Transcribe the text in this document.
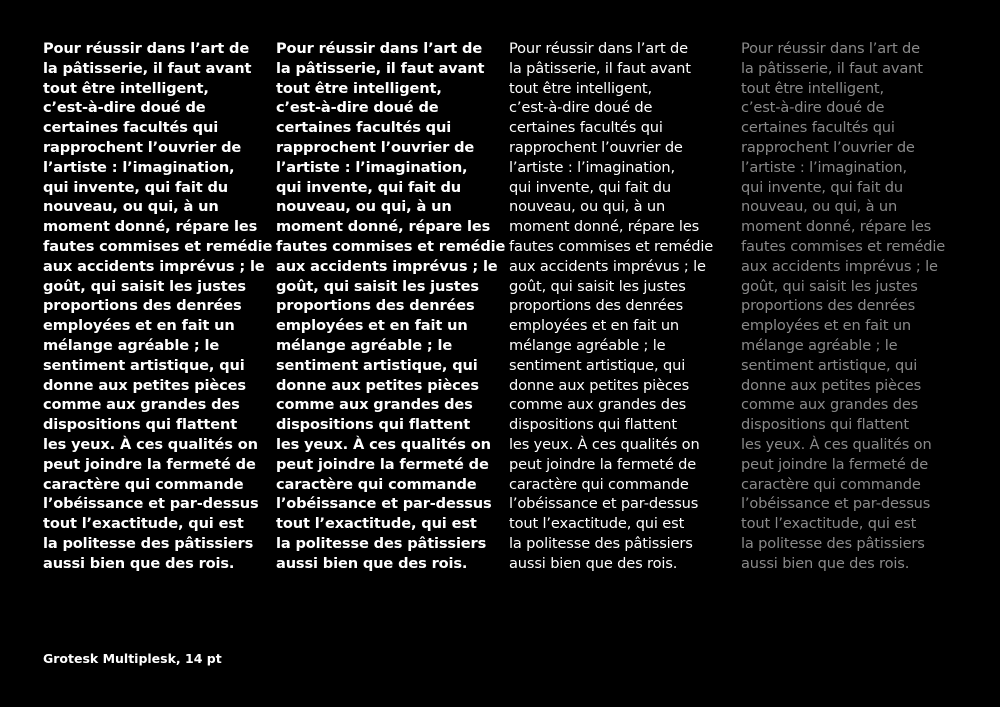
Pour réussir dans l’art de
la pâtisserie, il faut avant
tout être intelligent,
c’est-à-dire doué de
certaines facultés qui
rapprochent l’ouvrier de
l’artiste : l’imagination,
qui invente, qui fait du
nouveau, ou qui, à un
moment donné, répare les
fautes commises et remédie
aux accidents imprévus ; le
goût, qui saisit les justes
proportions des denrées
employées et en fait un
mélange agréable ; le
sentiment artistique, qui
donne aux petites pièces
comme aux grandes des
dispositions qui flattent
les yeux. À ces qualités on
peut joindre la fermeté de
caractère qui commande
l’obéissance et par-dessus
tout l’exactitude, qui est
la politesse des pâtissiers
aussi bien que des rois.

Pour réussir dans l’art de
la pâtisserie, il faut avant
tout être intelligent,
c’est-à-dire doué de
certaines facultés qui
rapprochent l’ouvrier de
l’artiste : l’imagination,
qui invente, qui fait du
nouveau, ou qui, à un
moment donné, répare les
fautes commises et remédie
aux accidents imprévus ; le
goût, qui saisit les justes
proportions des denrées
employées et en fait un
mélange agréable ; le
sentiment artistique, qui
donne aux petites pièces
comme aux grandes des
dispositions qui flattent
les yeux. À ces qualités on
peut joindre la fermeté de
caractère qui commande
l’obéissance et par-dessus
tout l’exactitude, qui est
la politesse des pâtissiers
aussi bien que des rois.

Pour réussir dans l’art de
la pâtisserie, il faut avant
tout être intelligent,
c’est-à-dire doué de
certaines facultés qui
rapprochent l’ouvrier de
l’artiste : l’imagination,
qui invente, qui fait du
nouveau, ou qui, à un
moment donné, répare les
fautes commises et remédie
aux accidents imprévus ; le
goût, qui saisit les justes
proportions des denrées
employées et en fait un
mélange agréable ; le
sentiment artistique, qui
donne aux petites pièces
comme aux grandes des
dispositions qui flattent
les yeux. À ces qualités on
peut joindre la fermeté de
caractère qui commande
l’obéissance et par-dessus
tout l’exactitude, qui est
la politesse des pâtissiers
aussi bien que des rois.

Pour réussir dans l’art de
la pâtisserie, il faut avant
tout être intelligent,
c’est-à-dire doué de
certaines facultés qui
rapprochent l’ouvrier de
l’artiste : l’imagination,
qui invente, qui fait du
nouveau, ou qui, à un
moment donné, répare les
fautes commises et remédie
aux accidents imprévus ; le
goût, qui saisit les justes
proportions des denrées
employées et en fait un
mélange agréable ; le
sentiment artistique, qui
donne aux petites pièces
comme aux grandes des
dispositions qui flattent
les yeux. À ces qualités on
peut joindre la fermeté de
caractère qui commande
l’obéissance et par-dessus
tout l’exactitude, qui est
la politesse des pâtissiers
aussi bien que des rois.

Grotesk Multiplesk, 14 pt
